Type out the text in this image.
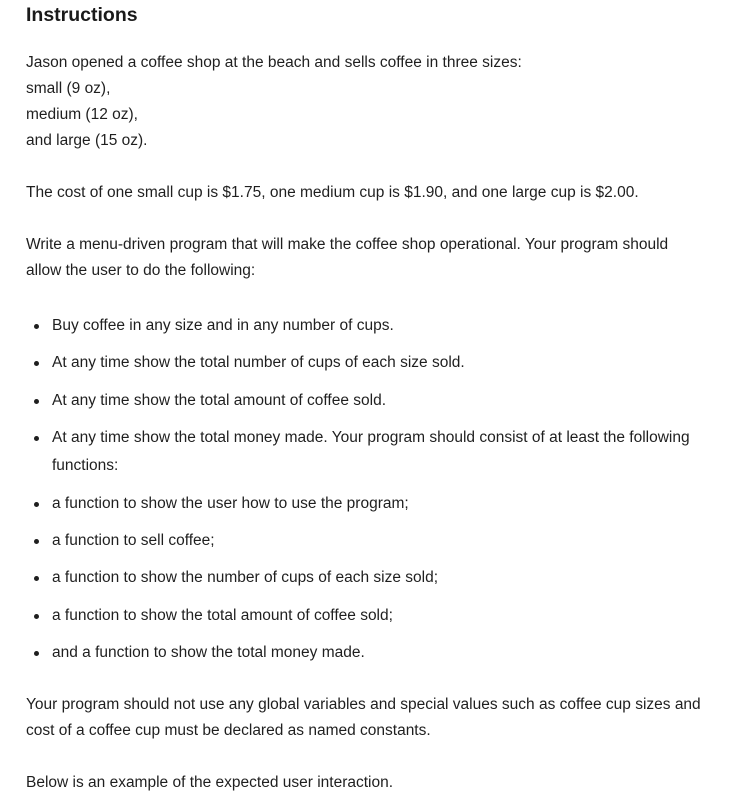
Instructions

Jason opened a coffee shop at the beach and sells coffee in three sizes:
small (9 oz),
medium (12 oz),
and large (15 oz).

The cost of one small cup is $1.75, one medium cup is $1.90, and one large cup is $2.00.

Write a menu-driven program that will make the coffee shop operational. Your program should
allow the user to do the following:

Buy coffee in any size and in any number of cups.
At any time show the total number of cups of each size sold.
At any time show the total amount of coffee sold.
At any time show the total money made. Your program should consist of at least the following functions:
a function to show the user how to use the program;
a function to sell coffee;
a function to show the number of cups of each size sold;
a function to show the total amount of coffee sold;
and a function to show the total money made.

Your program should not use any global variables and special values such as coffee cup sizes and
cost of a coffee cup must be declared as named constants.

Below is an example of the expected user interaction.
